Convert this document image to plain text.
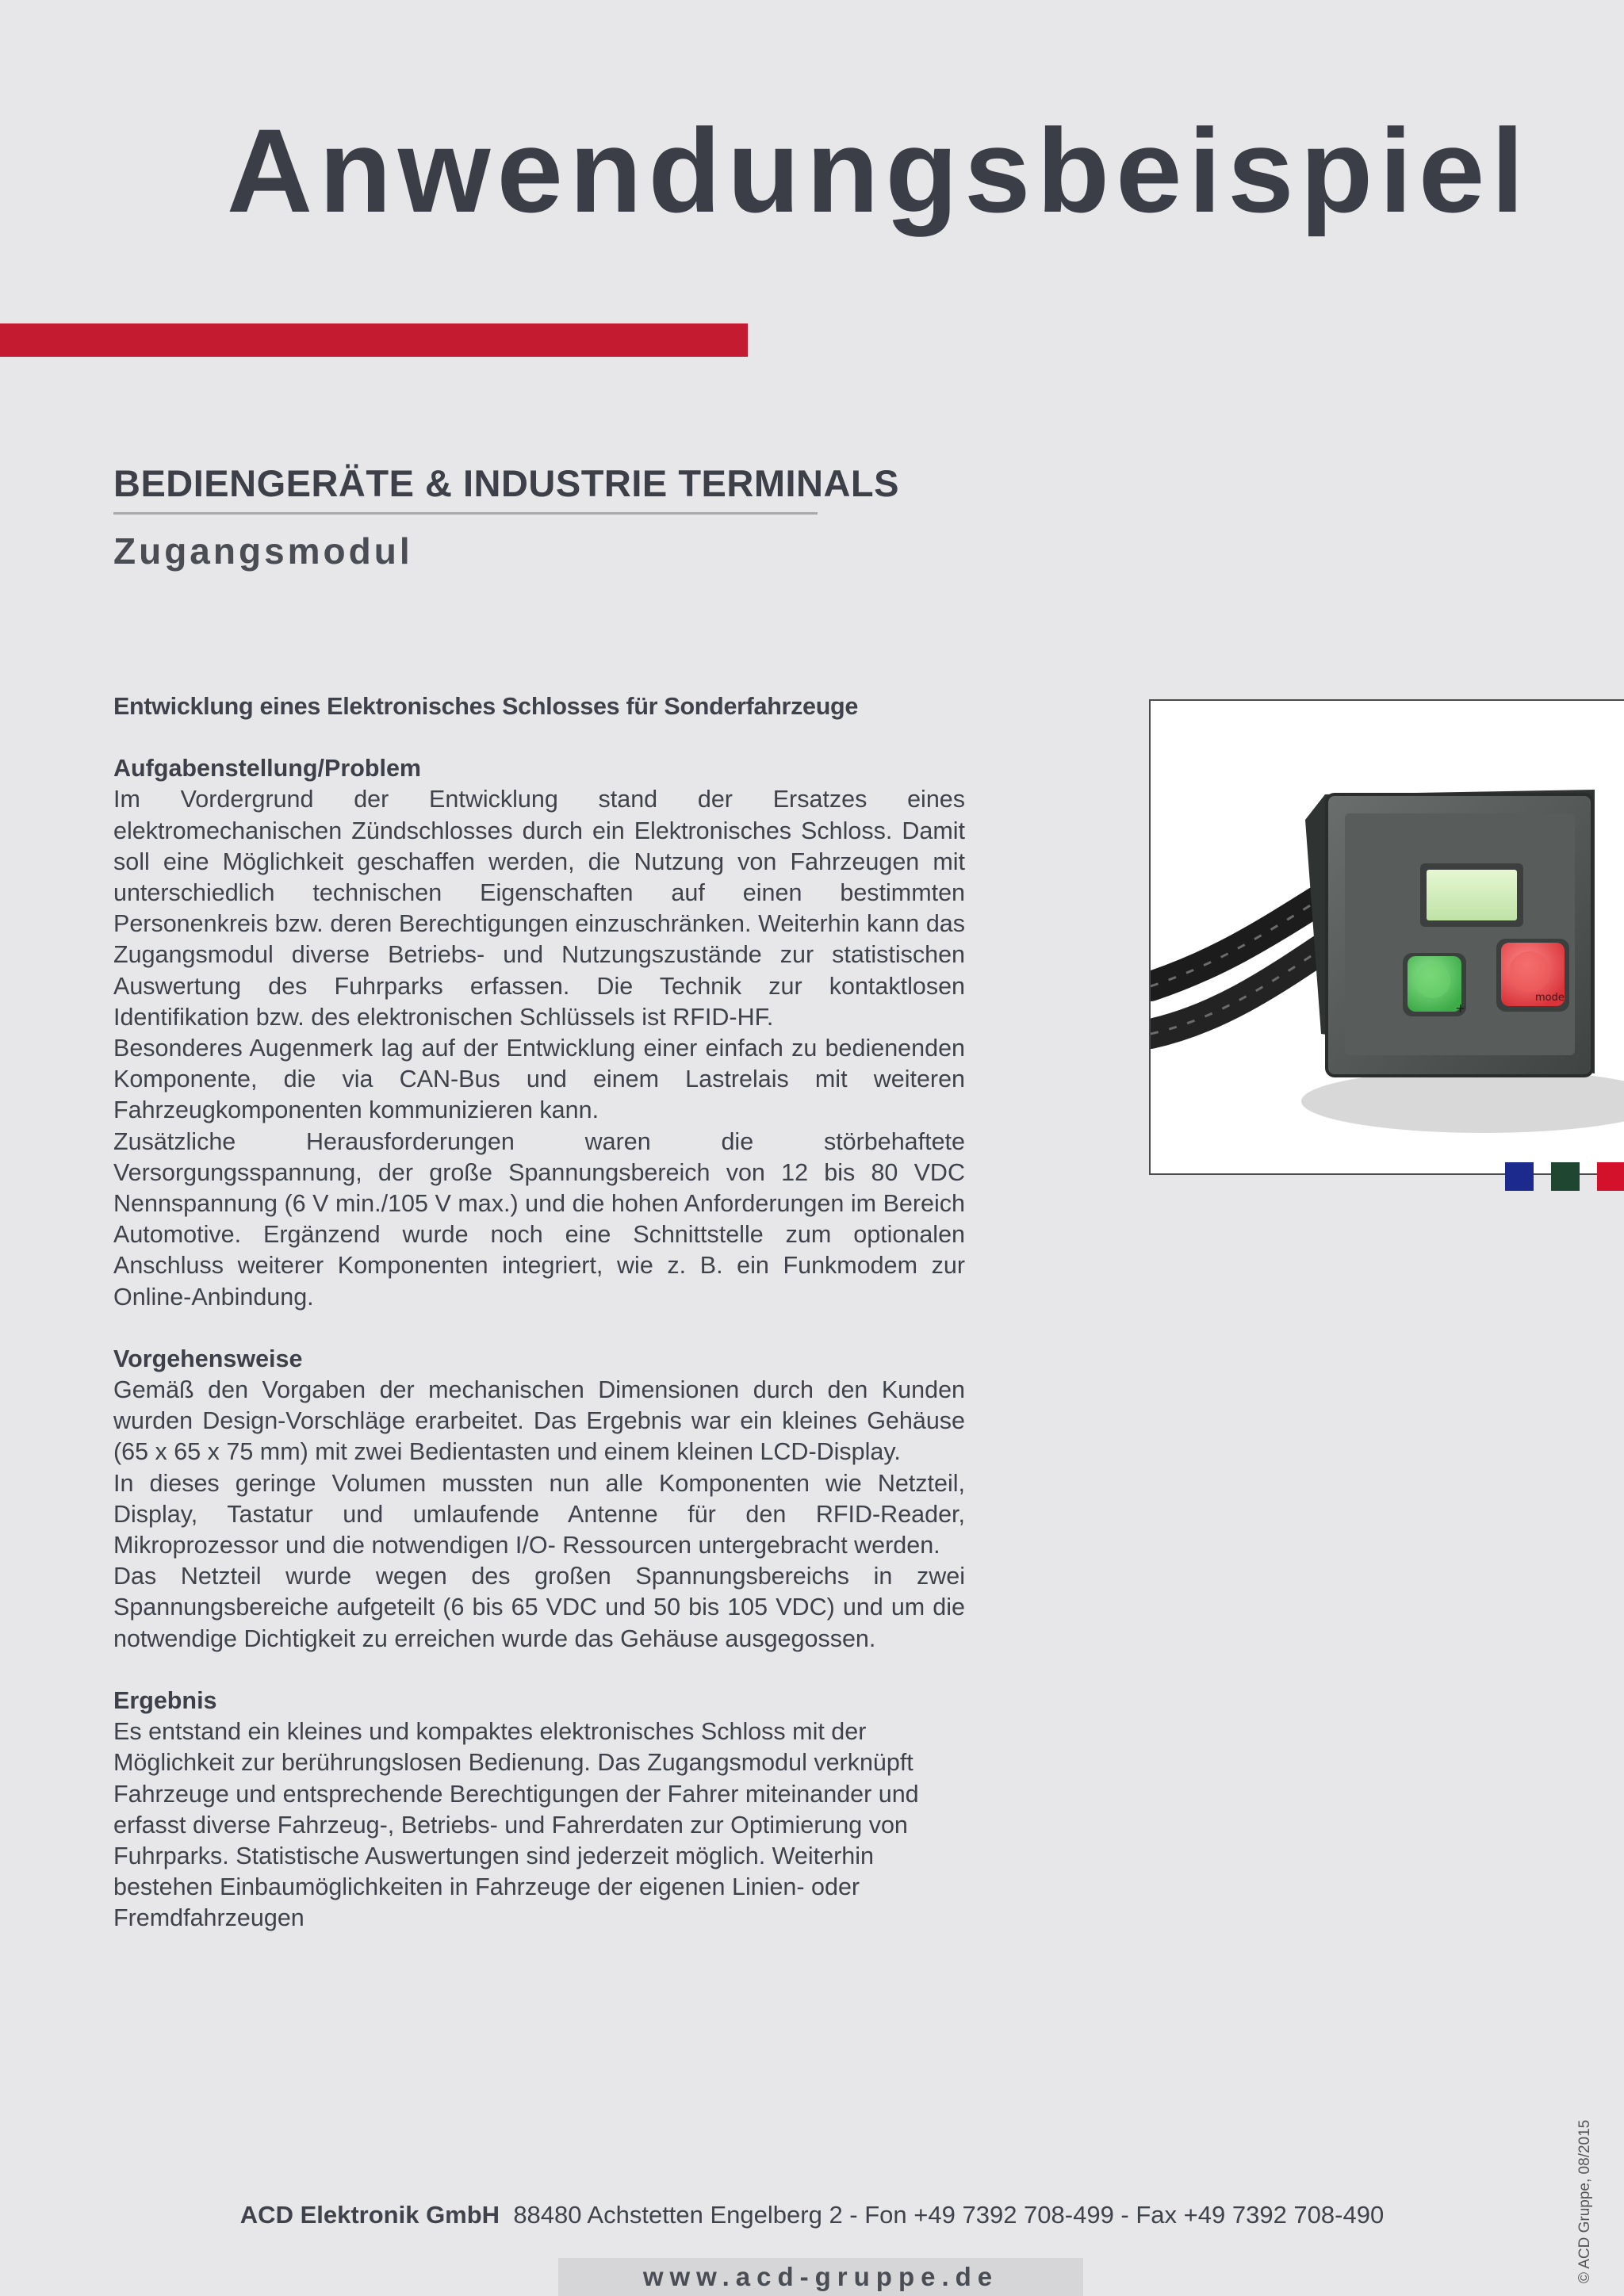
Anwendungsbeispiel
BEDIENGERÄTE & INDUSTRIE TERMINALS
Zugangsmodul
Entwicklung eines Elektronisches Schlosses für Sonderfahrzeuge
Aufgabenstellung/Problem

Im Vordergrund der Entwicklung stand der Ersatzes eines elektromechanischen Zündschlosses durch ein Elektronisches Schloss. Damit soll eine Möglichkeit geschaffen werden, die Nutzung von Fahrzeugen mit unterschiedlich technischen Eigenschaften auf einen bestimmten Personenkreis bzw. deren Berechtigungen einzuschränken. Weiterhin kann das Zugangsmodul diverse Betriebs- und Nutzungszustände zur statistischen Auswertung des Fuhrparks erfassen. Die Technik zur kontaktlosen Identifikation bzw. des elektronischen Schlüssels ist RFID-HF.

Besonderes Augenmerk lag auf der Entwicklung einer einfach zu bedienenden Komponente, die via CAN-Bus und einem Lastrelais mit weiteren Fahrzeugkomponenten kommunizieren kann.

Zusätzliche Herausforderungen waren die störbehaftete Versorgungsspannung, der große Spannungsbereich von 12 bis 80 VDC Nennspannung (6 V min./105 V max.) und die hohen Anforderungen im Bereich Automotive. Ergänzend wurde noch eine Schnittstelle zum optionalen Anschluss weiterer Komponenten integriert, wie z. B. ein Funkmodem zur Online-Anbindung.

Vorgehensweise

Gemäß den Vorgaben der mechanischen Dimensionen durch den Kunden wurden Design-Vorschläge erarbeitet. Das Ergebnis war ein kleines Gehäuse (65 x 65 x 75 mm) mit zwei Bedientasten und einem kleinen LCD-Display.

In dieses geringe Volumen mussten nun alle Komponenten wie Netzteil, Display, Tastatur und umlaufende Antenne für den RFID-Reader, Mikroprozessor und die notwendigen I/O- Ressourcen untergebracht werden.

Das Netzteil wurde wegen des großen Spannungsbereichs in zwei Spannungsbereiche aufgeteilt (6 bis 65 VDC und 50 bis 105 VDC) und um die notwendige Dichtigkeit zu erreichen wurde das Gehäuse ausgegossen.

Ergebnis

Es entstand ein kleines und kompaktes elektronisches Schloss mit der Möglichkeit zur berührungslosen Bedienung. Das Zugangsmodul verknüpft Fahrzeuge und entsprechende Berechtigungen der Fahrer miteinander und erfasst diverse Fahrzeug-, Betriebs- und Fahrerdaten zur Optimierung von Fuhrparks. Statistische Auswertungen sind jederzeit möglich. Weiterhin bestehen Einbaumöglichkeiten in Fahrzeuge der eigenen Linien- oder Fremdfahrzeugen

+
mode
© ACD Gruppe, 08/2015
ACD Elektronik GmbH 88480 Achstetten Engelberg 2 - Fon +49 7392 708-499 - Fax +49 7392 708-490
www.acd-gruppe.de
